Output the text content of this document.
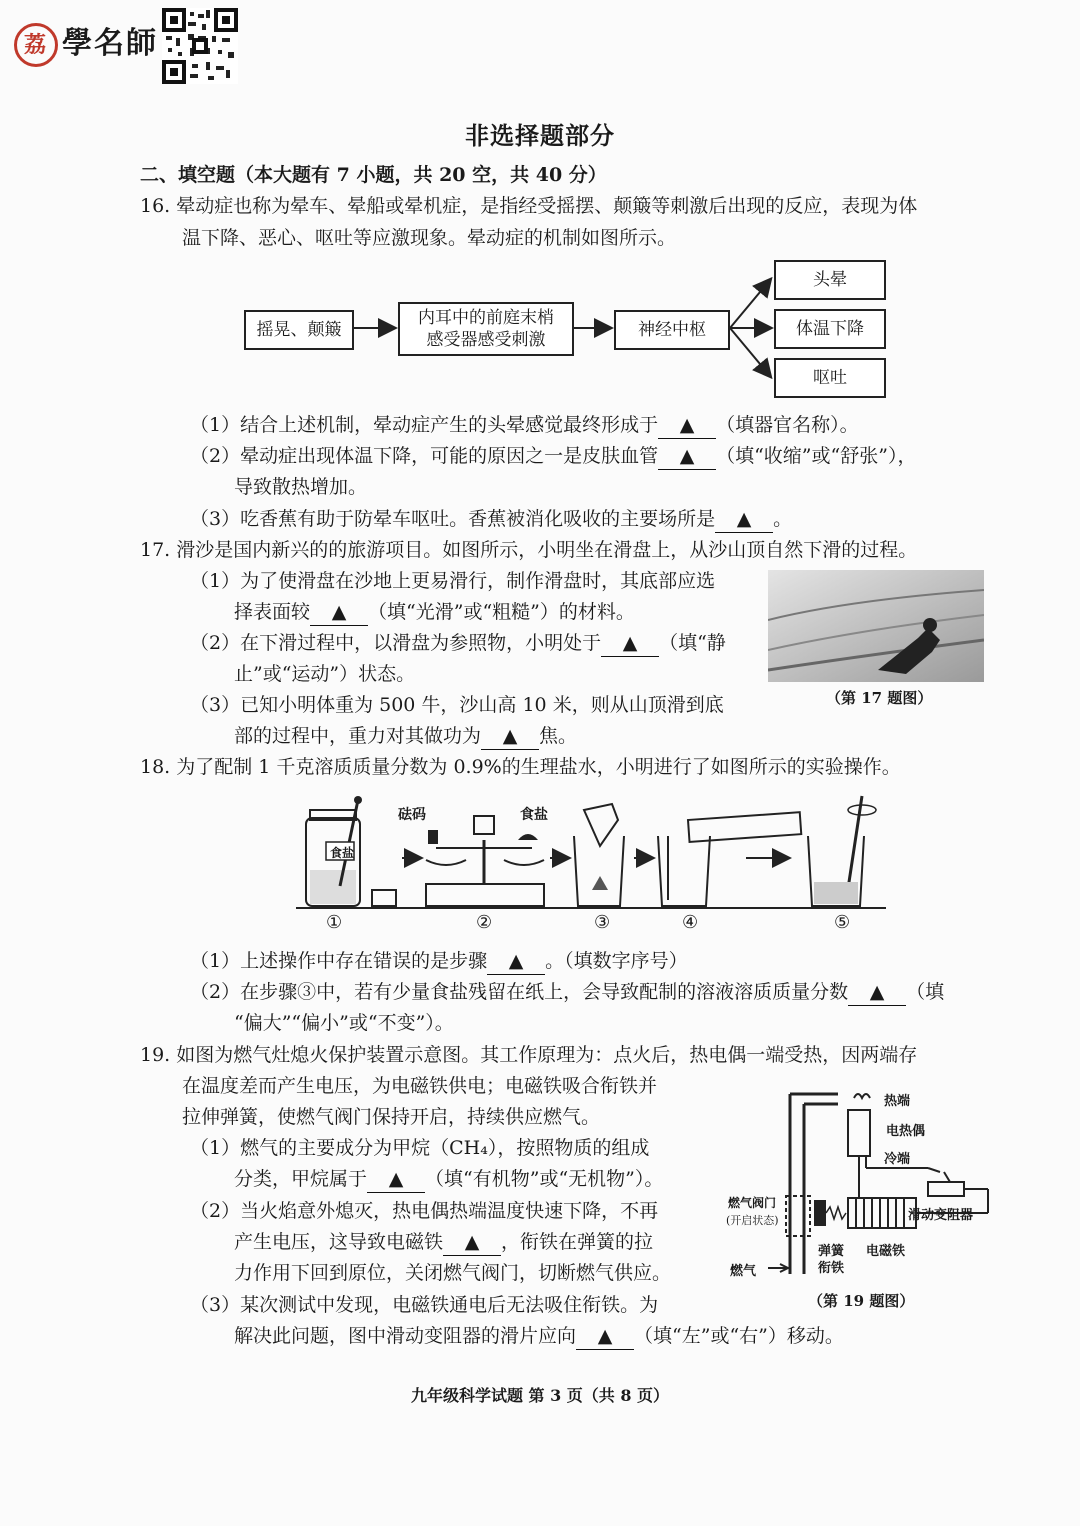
荔 學名師
非选择题部分
二、填空题（本大题有 7 小题，共 20 空，共 40 分）
16. 晕动症也称为晕车、晕船或晕机症，是指经受摇摆、颠簸等刺激后出现的反应，表现为体
温下降、恶心、呕吐等应激现象。晕动症的机制如图所示。
摇晃、颠簸
内耳中的前庭末梢
感受器感受刺激	神经中枢
头晕
体温下降
呕吐
（1）结合上述机制，晕动症产生的头晕感觉最终形成于 ▲ （填器官名称）。
（2）晕动症出现体温下降，可能的原因之一是皮肤血管 ▲ （填“收缩”或“舒张”），
导致散热增加。
（3）吃香蕉有助于防晕车呕吐。香蕉被消化吸收的主要场所是 ▲ 。
17. 滑沙是国内新兴的的旅游项目。如图所示，小明坐在滑盘上，从沙山顶自然下滑的过程。
（1）为了使滑盘在沙地上更易滑行，制作滑盘时，其底部应选
择表面较 ▲ （填“光滑”或“粗糙”）的材料。
（2）在下滑过程中，以滑盘为参照物，小明处于 ▲ （填“静
止”或“运动”）状态。
（3）已知小明体重为 500 牛，沙山高 10 米，则从山顶滑到底
部的过程中，重力对其做功为 ▲ 焦。
（第 17 题图）
18. 为了配制 1 千克溶质质量分数为 0.9%的生理盐水，小明进行了如图所示的实验操作。
砝码	食盐
食盐
①	②	③	④	⑤
（1）上述操作中存在错误的是步骤 ▲ 。（填数字序号）
（2）在步骤③中，若有少量食盐残留在纸上，会导致配制的溶液溶质质量分数 ▲ （填
“偏大”“偏小”或“不变”）。
19. 如图为燃气灶熄火保护装置示意图。其工作原理为：点火后，热电偶一端受热，因两端存
在温度差而产生电压，为电磁铁供电；电磁铁吸合衔铁并
拉伸弹簧，使燃气阀门保持开启，持续供应燃气。
（1）燃气的主要成分为甲烷（CH₄），按照物质的组成
分类，甲烷属于 ▲ （填“有机物”或“无机物”）。
（2）当火焰意外熄灭，热电偶热端温度快速下降，不再
产生电压，这导致电磁铁 ▲ ，衔铁在弹簧的拉
力作用下回到原位，关闭燃气阀门，切断燃气供应。
（3）某次测试中发现，电磁铁通电后无法吸住衔铁。为
解决此问题，图中滑动变阻器的滑片应向 ▲ （填“左”或“右”）移动。
热端
电热偶
冷端
燃气阀门
(开启状态)	滑动变阻器
弹簧
衔铁
电磁铁
燃气
（第 19 题图）
九年级科学试题 第 3 页（共 8 页）
